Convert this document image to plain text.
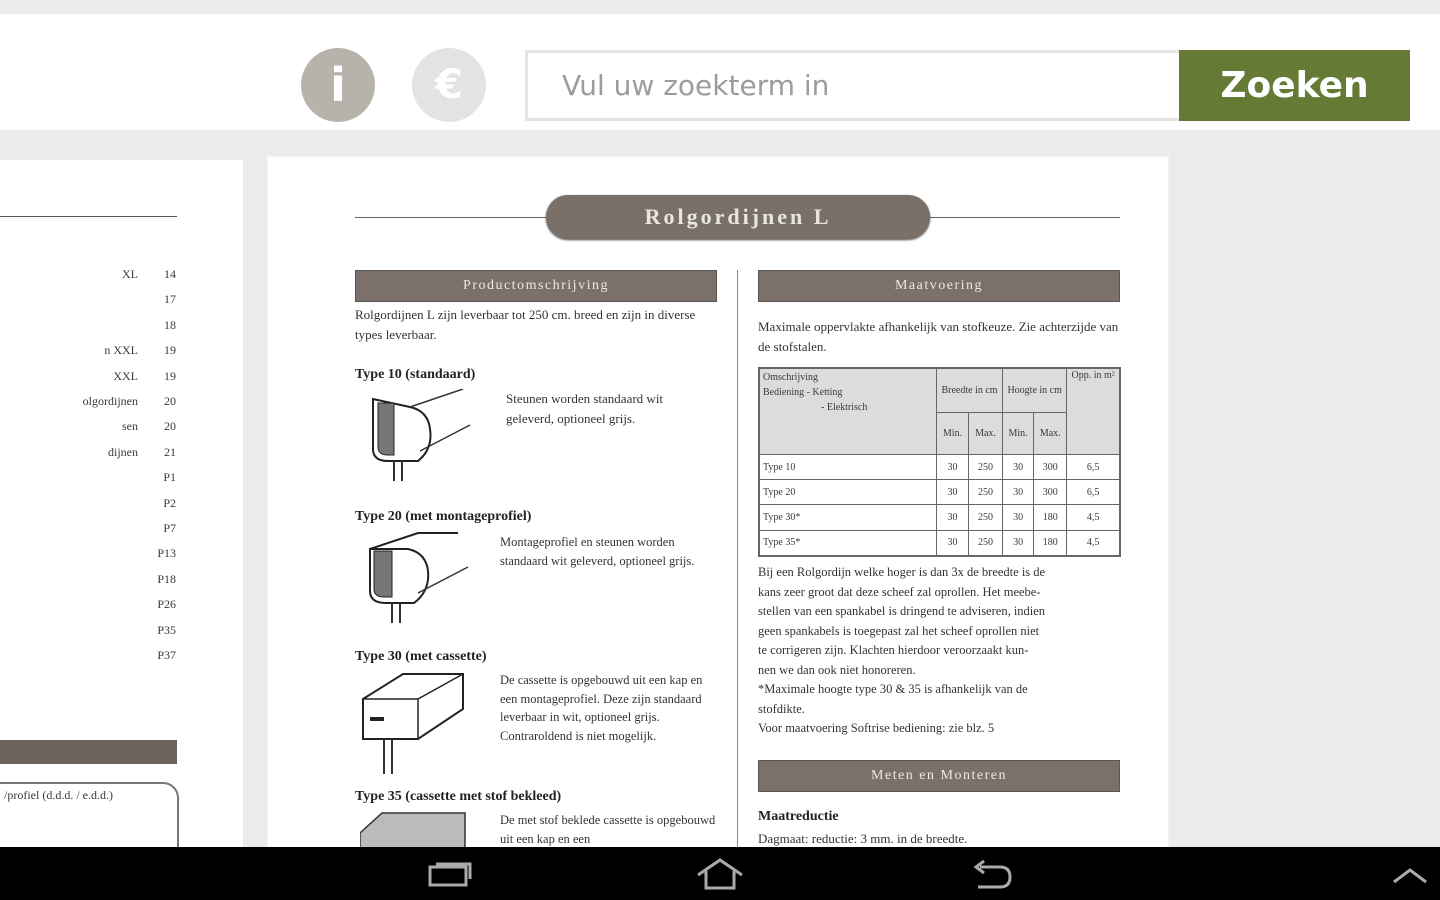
i	€	Vul uw zoekterm in	Zoeken
XL 14
17
18
n XXL 19
XXL 19
olgordijnen 20
sen 20
dijnen 21
P1
P2
P7
P13
P18
P26
P35
P37
/profiel (d.d.d. / e.d.d.)
Rolgordijnen L
Productomschrijving
Rolgordijnen L zijn leverbaar tot 250 cm. breed en zijn in diverse types leverbaar.
Type 10 (standaard)
Steunen worden standaard wit geleverd, optioneel grijs.
Type 20 (met montageprofiel)
Montageprofiel en steunen worden standaard wit geleverd, optioneel grijs.
Type 30 (met cassette)
De cassette is opgebouwd uit een kap en een montageprofiel. Deze zijn standaard leverbaar in wit, optioneel grijs. Contraroldend is niet mogelijk.
Type 35 (cassette met stof bekleed)
De met stof beklede cassette is opgebouwd uit een kap en een
Maatvoering
Maximale oppervlakte afhankelijk van stofkeuze. Zie achterzijde van de stofstalen.
Omschrijving
Bediening - Ketting
- Elektrisch	Breedte in cm		Hoogte in cm		Opp. in m²
	Min.	Max.	Min.	Max.	
Type 10	30	250	30	300	6,5
Type 20	30	250	30	300	6,5
Type 30*	30	250	30	180	4,5
Type 35*	30	250	30	180	4,5
Bij een Rolgordijn welke hoger is dan 3x de breedte is de
kans zeer groot dat deze scheef zal oprollen. Het meebe-
stellen van een spankabel is dringend te adviseren, indien
geen spankabels is toegepast zal het scheef oprollen niet
te corrigeren zijn. Klachten hierdoor veroorzaakt kun-
nen we dan ook niet honoreren.
*Maximale hoogte type 30 & 35 is afhankelijk van de
stofdikte.
Voor maatvoering Softrise bediening: zie blz. 5
Meten en Monteren
Maatreductie
Dagmaat: reductie: 3 mm. in de breedte.
